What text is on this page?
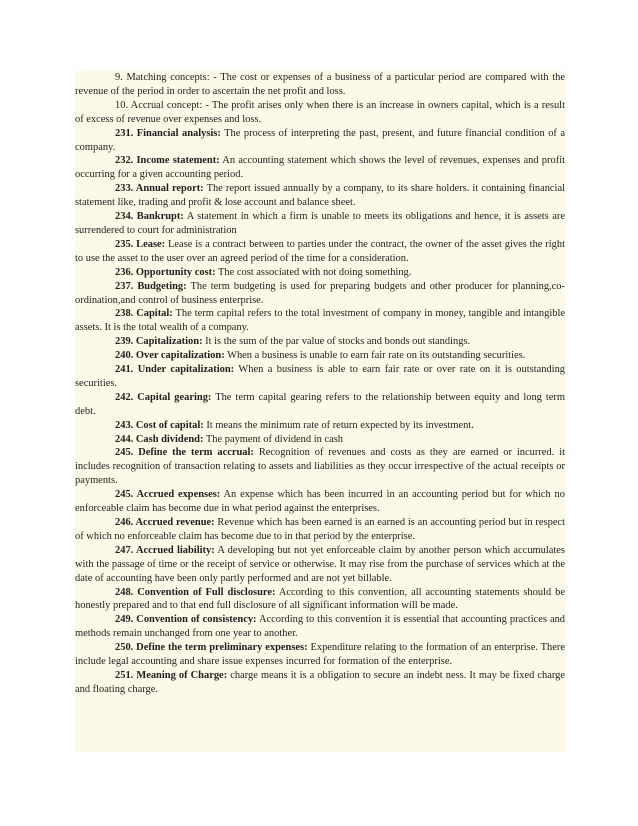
9. Matching concepts: - The cost or expenses of a business of a particular period are compared with the revenue of the period in order to ascertain the net profit and loss.

10. Accrual concept: - The profit arises only when there is an increase in owners capital, which is a result of excess of revenue over expenses and loss.

231. Financial analysis: The process of interpreting the past, present, and future financial condition of a company.

232. Income statement: An accounting statement which shows the level of revenues, expenses and profit occurring for a given accounting period.

233. Annual report: The report issued annually by a company, to its share holders. it containing financial statement like, trading and profit & lose account and balance sheet.

234. Bankrupt: A statement in which a firm is unable to meets its obligations and hence, it is assets are surrendered to court for administration

235. Lease: Lease is a contract between to parties under the contract, the owner of the asset gives the right to use the asset to the user over an agreed period of the time for a consideration.

236. Opportunity cost: The cost associated with not doing something.

237. Budgeting: The term budgeting is used for preparing budgets and other producer for planning,co-ordination,and control of business enterprise.

238. Capital: The term capital refers to the total investment of company in money, tangible and intangible assets. It is the total wealth of a company.

239. Capitalization: It is the sum of the par value of stocks and bonds out standings.

240. Over capitalization: When a business is unable to earn fair rate on its outstanding securities.

241. Under capitalization: When a business is able to earn fair rate or over rate on it is outstanding securities.

242. Capital gearing: The term capital gearing refers to the relationship between equity and long term debt.

243. Cost of capital: It means the minimum rate of return expected by its investment.

244. Cash dividend: The payment of dividend in cash

245. Define the term accrual: Recognition of revenues and costs as they are earned or incurred. it includes recognition of transaction relating to assets and liabilities as they occur irrespective of the actual receipts or payments.

245. Accrued expenses: An expense which has been incurred in an accounting period but for which no enforceable claim has become due in what period against the enterprises.

246. Accrued revenue: Revenue which has been earned is an earned is an accounting period but in respect of which no enforceable claim has become due to in that period by the enterprise.

247. Accrued liability: A developing but not yet enforceable claim by another person which accumulates with the passage of time or the receipt of service or otherwise. It may rise from the purchase of services which at the date of accounting have been only partly performed and are not yet billable.

248. Convention of Full disclosure: According to this convention, all accounting statements should be honestly prepared and to that end full disclosure of all significant information will be made.

249. Convention of consistency: According to this convention it is essential that accounting practices and methods remain unchanged from one year to another.

250. Define the term preliminary expenses: Expenditure relating to the formation of an enterprise. There include legal accounting and share issue expenses incurred for formation of the enterprise.

251. Meaning of Charge: charge means it is a obligation to secure an indebt ness. It may be fixed charge and floating charge.
